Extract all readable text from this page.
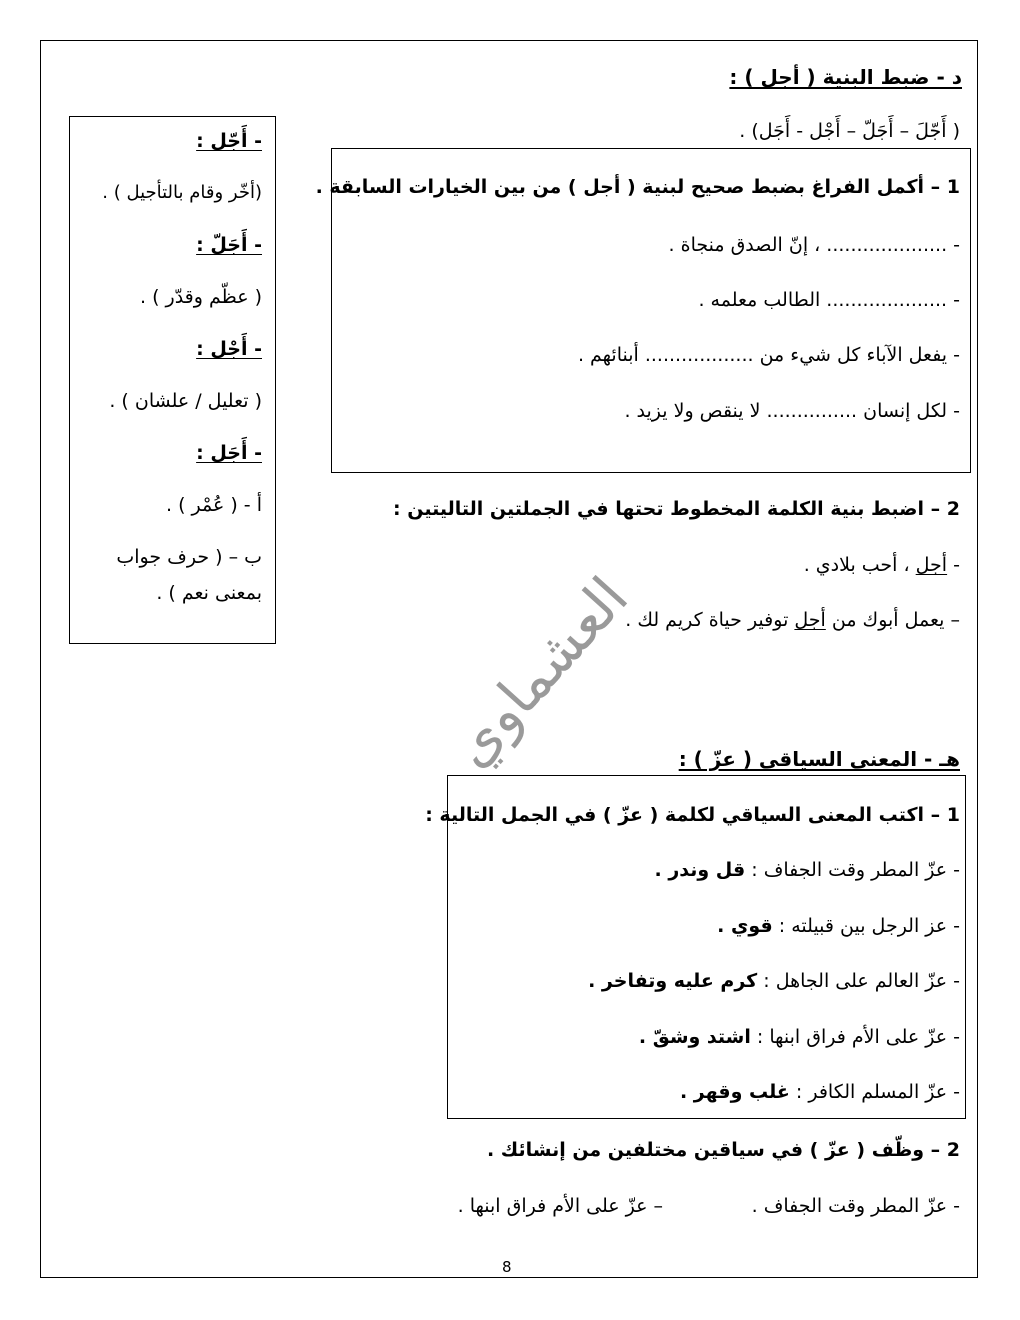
د - ضبط البنية ( أجل ) :
( أَجّلَ – أَجَلّ – أَجْل - أَجَل) .
1 – أكمل الفراغ بضبط صحيح لبنية ( أجل ) من بين الخيارات السابقة .
- .................... ، إنّ الصدق منجاة .
- .................... الطالب معلمه .
- يفعل الآباء كل شيء من .................. أبنائهم .
- لكل إنسان ............... لا ينقص ولا يزيد .
2 – اضبط بنية الكلمة المخطوط تحتها في الجملتين التاليتين :
- أجل ، أحب بلادي .
– يعمل أبوك من أجل توفير حياة كريم لك .
- أَجّل :
(أخّر وقام بالتأجيل ) .
- أَجَلّ :
( عظّم وقدّر ) .
- أَجْل :
( تعليل / علشان ) .
- أَجَل :
أ - ( عُمْر ) .
ب – ( حرف جواب
بمعنى نعم ) .	العشماوي هـ - المعنى السياقى ( عزّ ) :
1 – اكتب المعنى السياقي لكلمة ( عزّ ) في الجمل التالية :
- عزّ المطر وقت الجفاف : قل وندر .
- عز الرجل بين قبيلته : قوي .
- عزّ العالم على الجاهل : كرم عليه وتفاخر .
- عزّ على الأم فراق ابنها : اشتد وشقّ .
- عزّ المسلم الكافر : غلب وقهر .
2 – وظّف ( عزّ ) في سياقين مختلفين من إنشائك .
- عزّ المطر وقت الجفاف .
– عزّ على الأم فراق ابنها .
8
